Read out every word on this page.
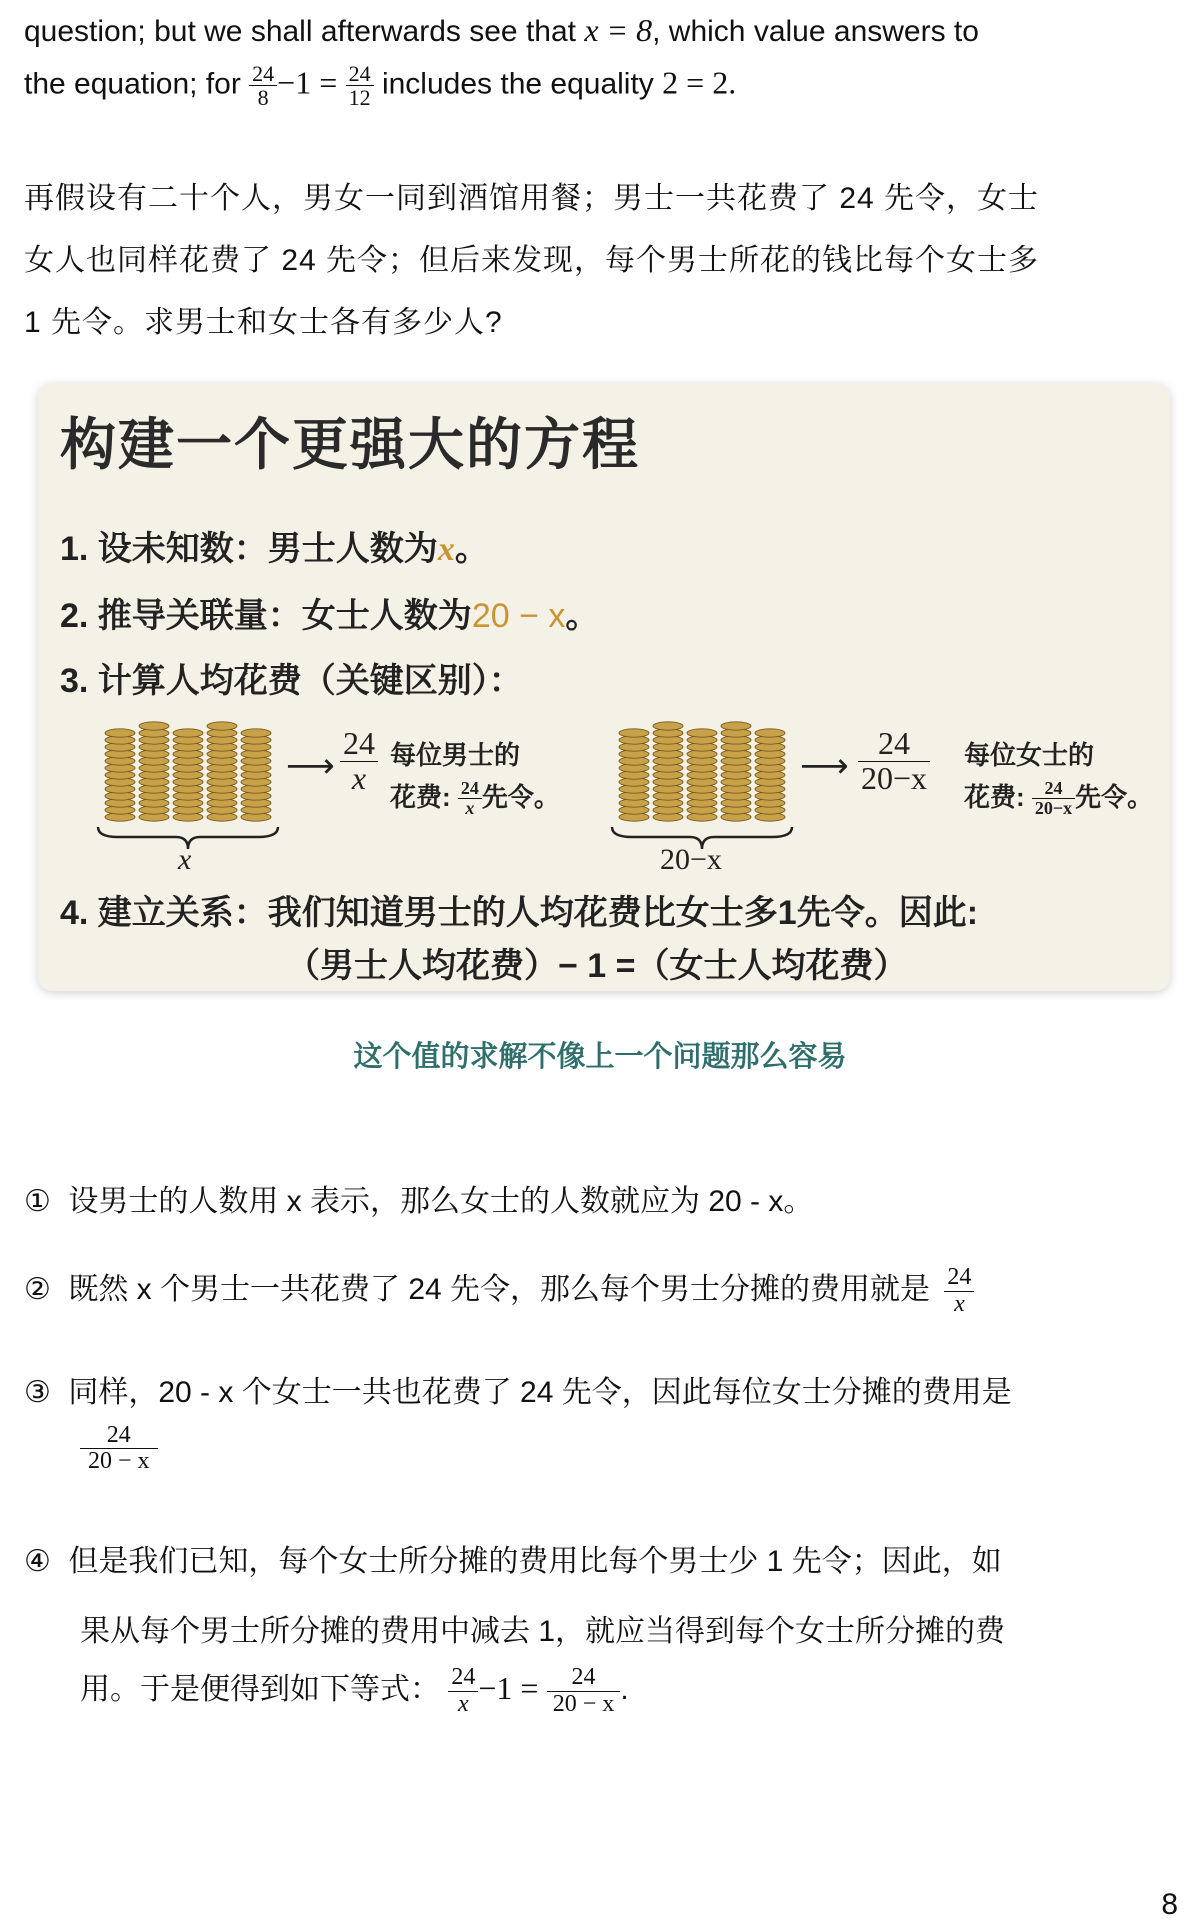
question; but we shall afterwards see that x = 8, which value answers to
the equation; for $\frac{24}{8} -1 = \frac{24}{12}$ includes the equality 2 = 2.
再假设有二十个人，男女一同到酒馆用餐；男士一共花费了 24 先令，女士
女人也同样花费了 24 先令；但后来发现，每个男士所花的钱比每个女士多
1 先令。求男士和女士各有多少人?
构建一个更强大的方程
1. 设未知数：男士人数为x。
2. 推导关联量：女士人数为20 − x。
3. 计算人均花费（关键区别）：
x
⟶ $\frac{24}{x}$ 每位男士的
花费: $\frac{24}{x}$ 先令。
20−x
⟶ $\frac{24}{20-x}$ 每位女士的
花费: $\frac{24}{20-x}$ 先令。
4. 建立关系：我们知道男士的人均花费比女士多1先令。因此:
（男士人均花费）− 1 =（女士人均花费）
这个值的求解不像上一个问题那么容易
① 设男士的人数用 x 表示，那么女士的人数就应为 20 - x。
② 既然 x 个男士一共花费了 24 先令，那么每个男士分摊的费用就是 $\frac{24}{x}$
③ 同样，20 - x 个女士一共也花费了 24 先令，因此每位女士分摊的费用是
$\frac{24}{20 - x}$
④ 但是我们已知，每个女士所分摊的费用比每个男士少 1 先令；因此，如
果从每个男士所分摊的费用中减去 1，就应当得到每个女士所分摊的费
用。于是便得到如下等式： $\frac{24}{x} -1 = \frac{24}{20 - x}$ .
8
